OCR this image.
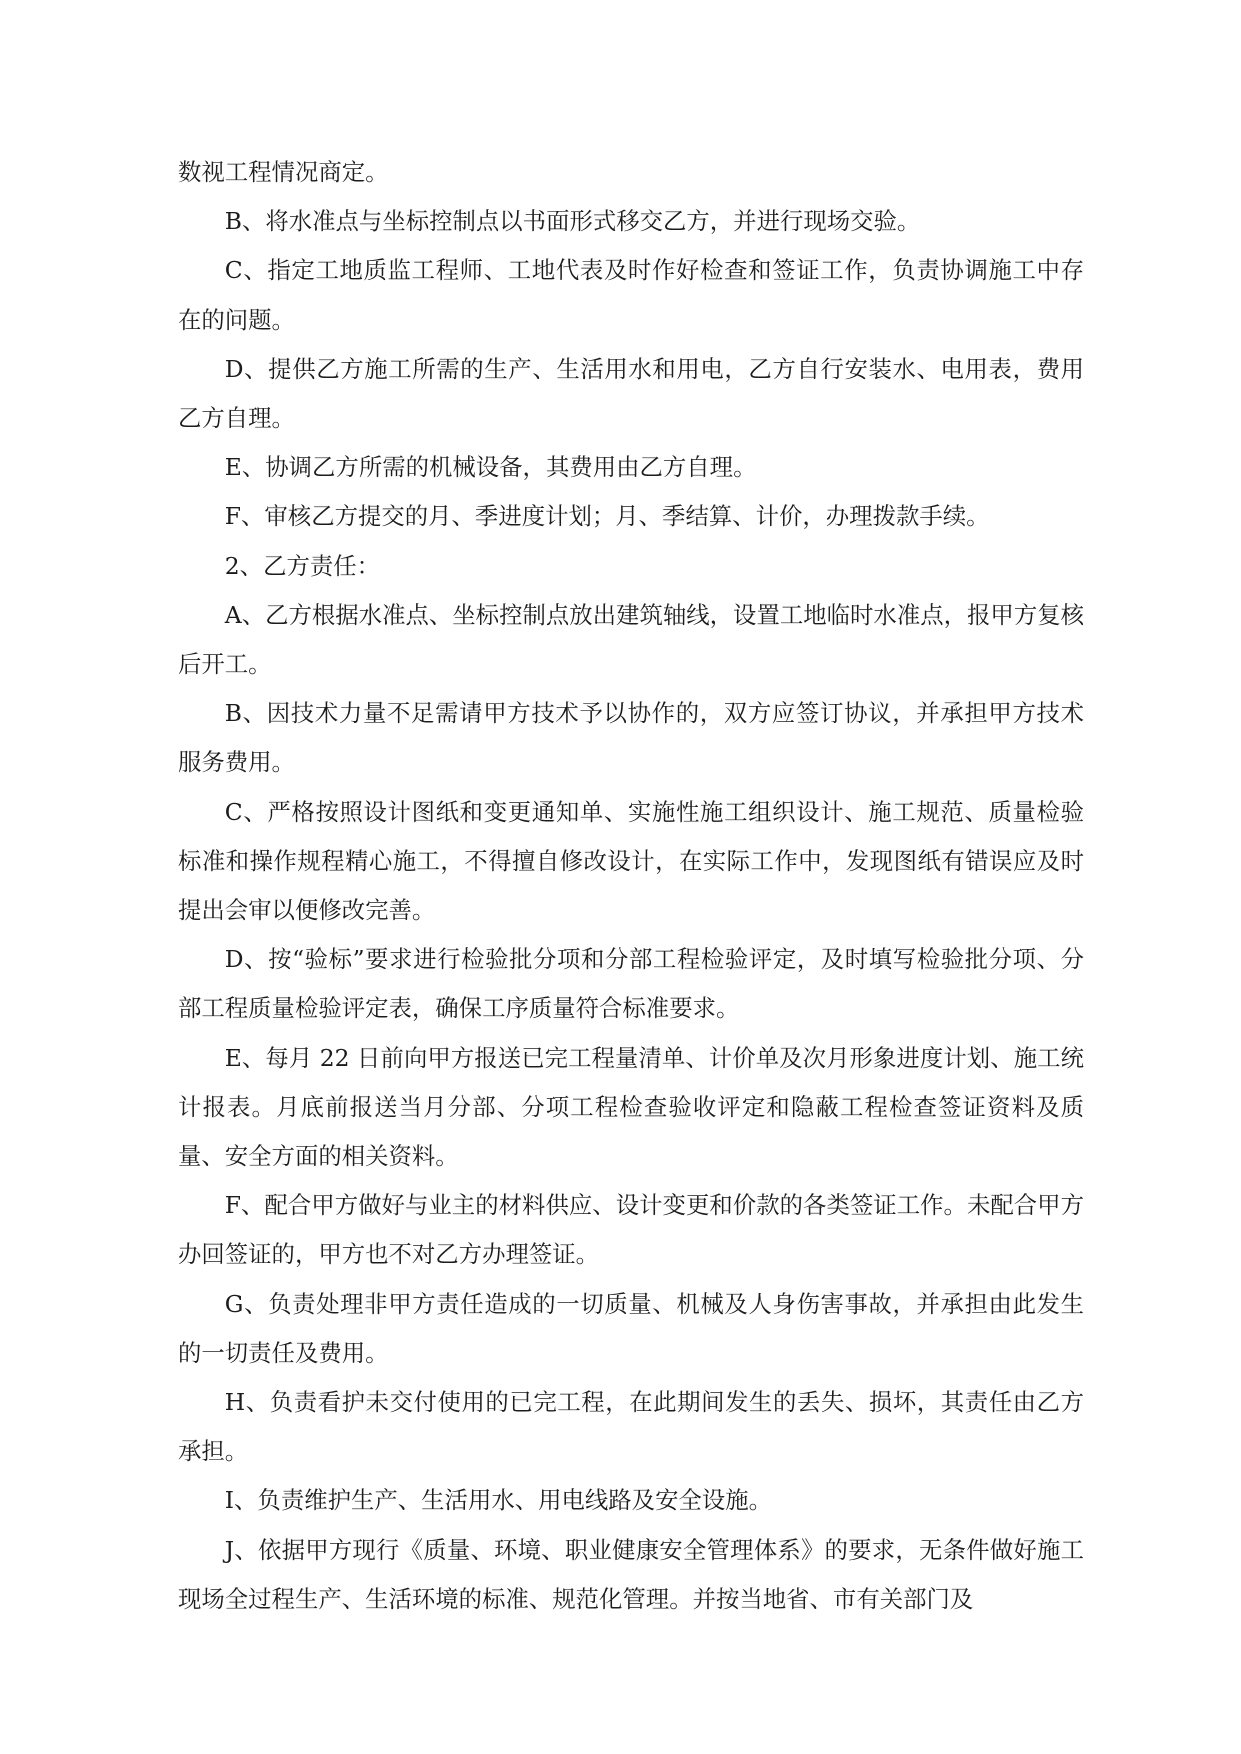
数视工程情况商定。

B、将水准点与坐标控制点以书面形式移交乙方，并进行现场交验。

C、指定工地质监工程师、工地代表及时作好检查和签证工作，负责协调施工中存在的问题。

D、提供乙方施工所需的生产、生活用水和用电，乙方自行安装水、电用表，费用乙方自理。

E、协调乙方所需的机械设备，其费用由乙方自理。

F、审核乙方提交的月、季进度计划；月、季结算、计价，办理拨款手续。

2、乙方责任：

A、乙方根据水准点、坐标控制点放出建筑轴线，设置工地临时水准点，报甲方复核后开工。

B、因技术力量不足需请甲方技术予以协作的，双方应签订协议，并承担甲方技术服务费用。

C、严格按照设计图纸和变更通知单、实施性施工组织设计、施工规范、质量检验标准和操作规程精心施工，不得擅自修改设计，在实际工作中，发现图纸有错误应及时提出会审以便修改完善。

D、按“验标”要求进行检验批分项和分部工程检验评定，及时填写检验批分项、分部工程质量检验评定表，确保工序质量符合标准要求。

E、每月 22 日前向甲方报送已完工程量清单、计价单及次月形象进度计划、施工统计报表。月底前报送当月分部、分项工程检查验收评定和隐蔽工程检查签证资料及质量、安全方面的相关资料。

F、配合甲方做好与业主的材料供应、设计变更和价款的各类签证工作。未配合甲方办回签证的，甲方也不对乙方办理签证。

G、负责处理非甲方责任造成的一切质量、机械及人身伤害事故，并承担由此发生的一切责任及费用。

H、负责看护未交付使用的已完工程，在此期间发生的丢失、损坏，其责任由乙方承担。

I、负责维护生产、生活用水、用电线路及安全设施。

J、依据甲方现行《质量、环境、职业健康安全管理体系》的要求，无条件做好施工现场全过程生产、生活环境的标准、规范化管理。并按当地省、市有关部门及
